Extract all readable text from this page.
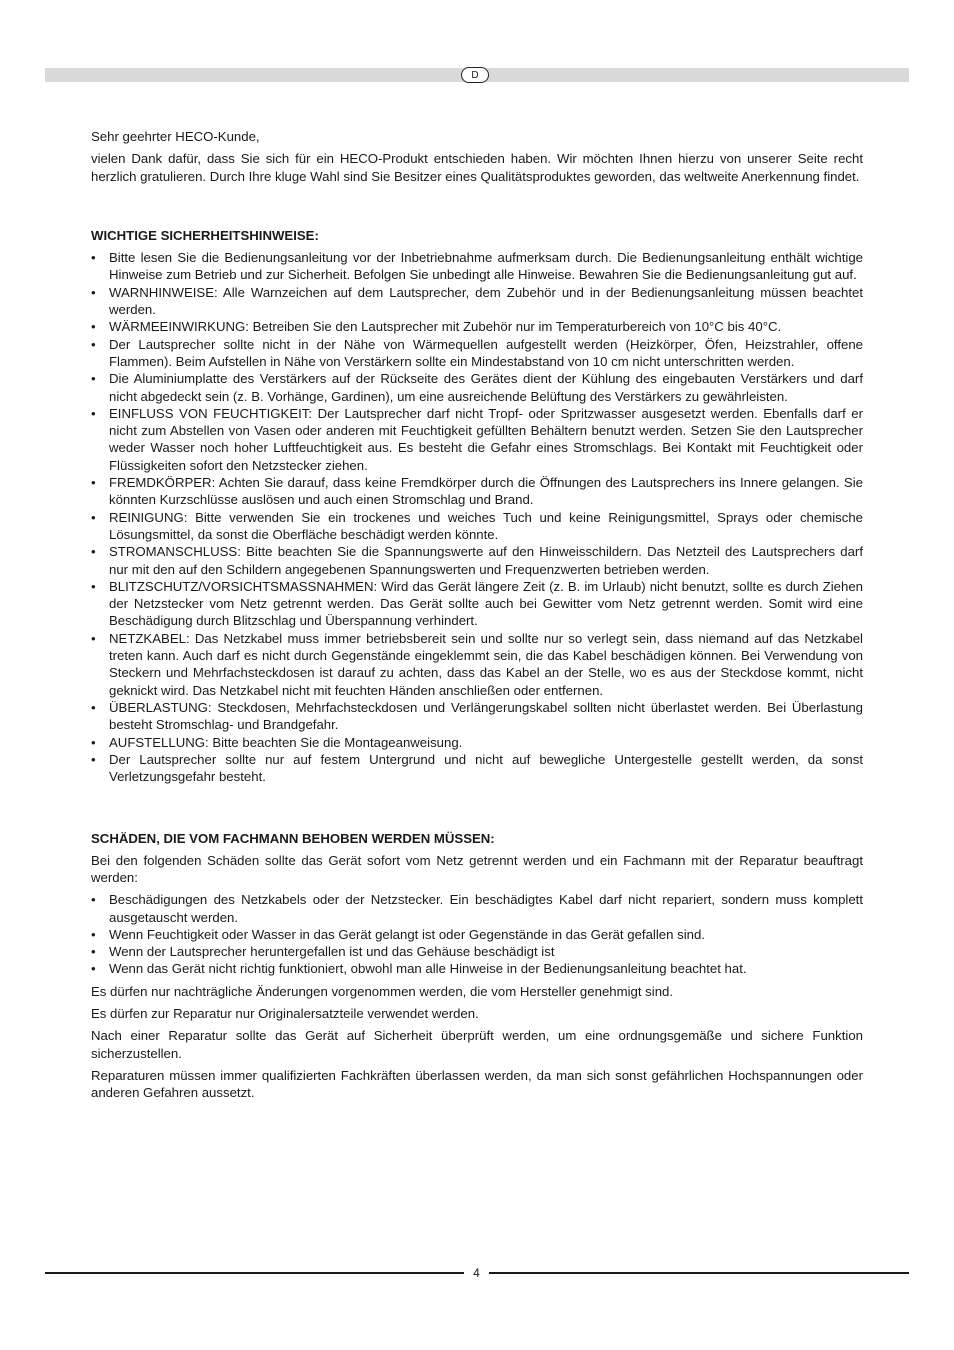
D

Sehr geehrter HECO-Kunde,

vielen Dank dafür, dass Sie sich für ein HECO-Produkt entschieden haben. Wir möchten Ihnen hierzu von unserer Seite recht herzlich gratulieren. Durch Ihre kluge Wahl sind Sie Besitzer eines Qualitätsproduktes geworden, das weltweite Anerkennung findet.

WICHTIGE SICHERHEITSHINWEISE:
•	Bitte lesen Sie die Bedienungsanleitung vor der Inbetriebnahme aufmerksam durch. Die Bedienungsanleitung enthält wichtige Hinweise zum Betrieb und zur Sicherheit. Befolgen Sie unbedingt alle Hinweise. Bewahren Sie die Bedienungsanleitung gut auf.
•	WARNHINWEISE: Alle Warnzeichen auf dem Lautsprecher, dem Zubehör und in der Bedienungsanleitung müssen beachtet werden.
•	WÄRMEEINWIRKUNG: Betreiben Sie den Lautsprecher mit Zubehör nur im Temperaturbereich von 10°C bis 40°C.
•	Der Lautsprecher sollte nicht in der Nähe von Wärmequellen aufgestellt werden (Heizkörper, Öfen, Heizstrahler, offene Flammen). Beim Aufstellen in Nähe von Verstärkern sollte ein Mindestabstand von 10 cm nicht unterschritten werden.
•	Die Aluminiumplatte des Verstärkers auf der Rückseite des Gerätes dient der Kühlung des eingebauten Verstärkers und darf nicht abgedeckt sein (z. B. Vorhänge, Gardinen), um eine ausreichende Belüftung des Verstärkers zu gewährleisten.
•	EINFLUSS VON FEUCHTIGKEIT: Der Lautsprecher darf nicht Tropf- oder Spritzwasser ausgesetzt werden. Ebenfalls darf er nicht zum Abstellen von Vasen oder anderen mit Feuchtigkeit gefüllten Behältern benutzt werden. Setzen Sie den Lautsprecher weder Wasser noch hoher Luftfeuchtigkeit aus. Es besteht die Gefahr eines Stromschlags. Bei Kontakt mit Feuchtigkeit oder Flüssigkeiten sofort den Netzstecker ziehen.
•	FREMDKÖRPER: Achten Sie darauf, dass keine Fremdkörper durch die Öffnungen des Lautsprechers ins Innere gelangen. Sie könnten Kurzschlüsse auslösen und auch einen Stromschlag und Brand.
•	REINIGUNG: Bitte verwenden Sie ein trockenes und weiches Tuch und keine Reinigungsmittel, Sprays oder chemische Lösungsmittel, da sonst die Oberfläche beschädigt werden könnte.
•	STROMANSCHLUSS: Bitte beachten Sie die Spannungswerte auf den Hinweisschildern. Das Netzteil des Lautsprechers darf nur mit den auf den Schildern angegebenen Spannungswerten und Frequenzwerten betrieben werden.
•	BLITZSCHUTZ/VORSICHTSMASSNAHMEN: Wird das Gerät längere Zeit (z. B. im Urlaub) nicht benutzt, sollte es durch Ziehen der Netzstecker vom Netz getrennt werden. Das Gerät sollte auch bei Gewitter vom Netz getrennt werden. Somit wird eine Beschädigung durch Blitzschlag und Überspannung verhindert.
•	NETZKABEL: Das Netzkabel muss immer betriebsbereit sein und sollte nur so verlegt sein, dass niemand auf das Netzkabel treten kann. Auch darf es nicht durch Gegenstände eingeklemmt sein, die das Kabel beschädigen können. Bei Verwendung von Steckern und Mehrfachsteckdosen ist darauf zu achten, dass das Kabel an der Stelle, wo es aus der Steckdose kommt, nicht geknickt wird. Das Netzkabel nicht mit feuchten Händen anschließen oder entfernen.
•	ÜBERLASTUNG: Steckdosen, Mehrfachsteckdosen und Verlängerungskabel sollten nicht überlastet werden. Bei Überlastung besteht Stromschlag- und Brandgefahr.
•	AUFSTELLUNG: Bitte beachten Sie die Montageanweisung.
•	Der Lautsprecher sollte nur auf festem Untergrund und nicht auf bewegliche Untergestelle gestellt werden, da sonst Verletzungsgefahr besteht.
SCHÄDEN, DIE VOM FACHMANN BEHOBEN WERDEN MÜSSEN:

Bei den folgenden Schäden sollte das Gerät sofort vom Netz getrennt werden und ein Fachmann mit der Reparatur beauftragt werden:

•	Beschädigungen des Netzkabels oder der Netzstecker. Ein beschädigtes Kabel darf nicht repariert, sondern muss komplett ausgetauscht werden.
•	Wenn Feuchtigkeit oder Wasser in das Gerät gelangt ist oder Gegenstände in das Gerät gefallen sind.
•	Wenn der Lautsprecher heruntergefallen ist und das Gehäuse beschädigt ist
•	Wenn das Gerät nicht richtig funktioniert, obwohl man alle Hinweise in der Bedienungsanleitung beachtet hat.

Es dürfen nur nachträgliche Änderungen vorgenommen werden, die vom Hersteller genehmigt sind.

Es dürfen zur Reparatur nur Originalersatzteile verwendet werden.

Nach einer Reparatur sollte das Gerät auf Sicherheit überprüft werden, um eine ordnungsgemäße und sichere Funktion sicherzustellen.

Reparaturen müssen immer qualifizierten Fachkräften überlassen werden, da man sich sonst gefährlichen Hochspannungen oder anderen Gefahren aussetzt.

4
